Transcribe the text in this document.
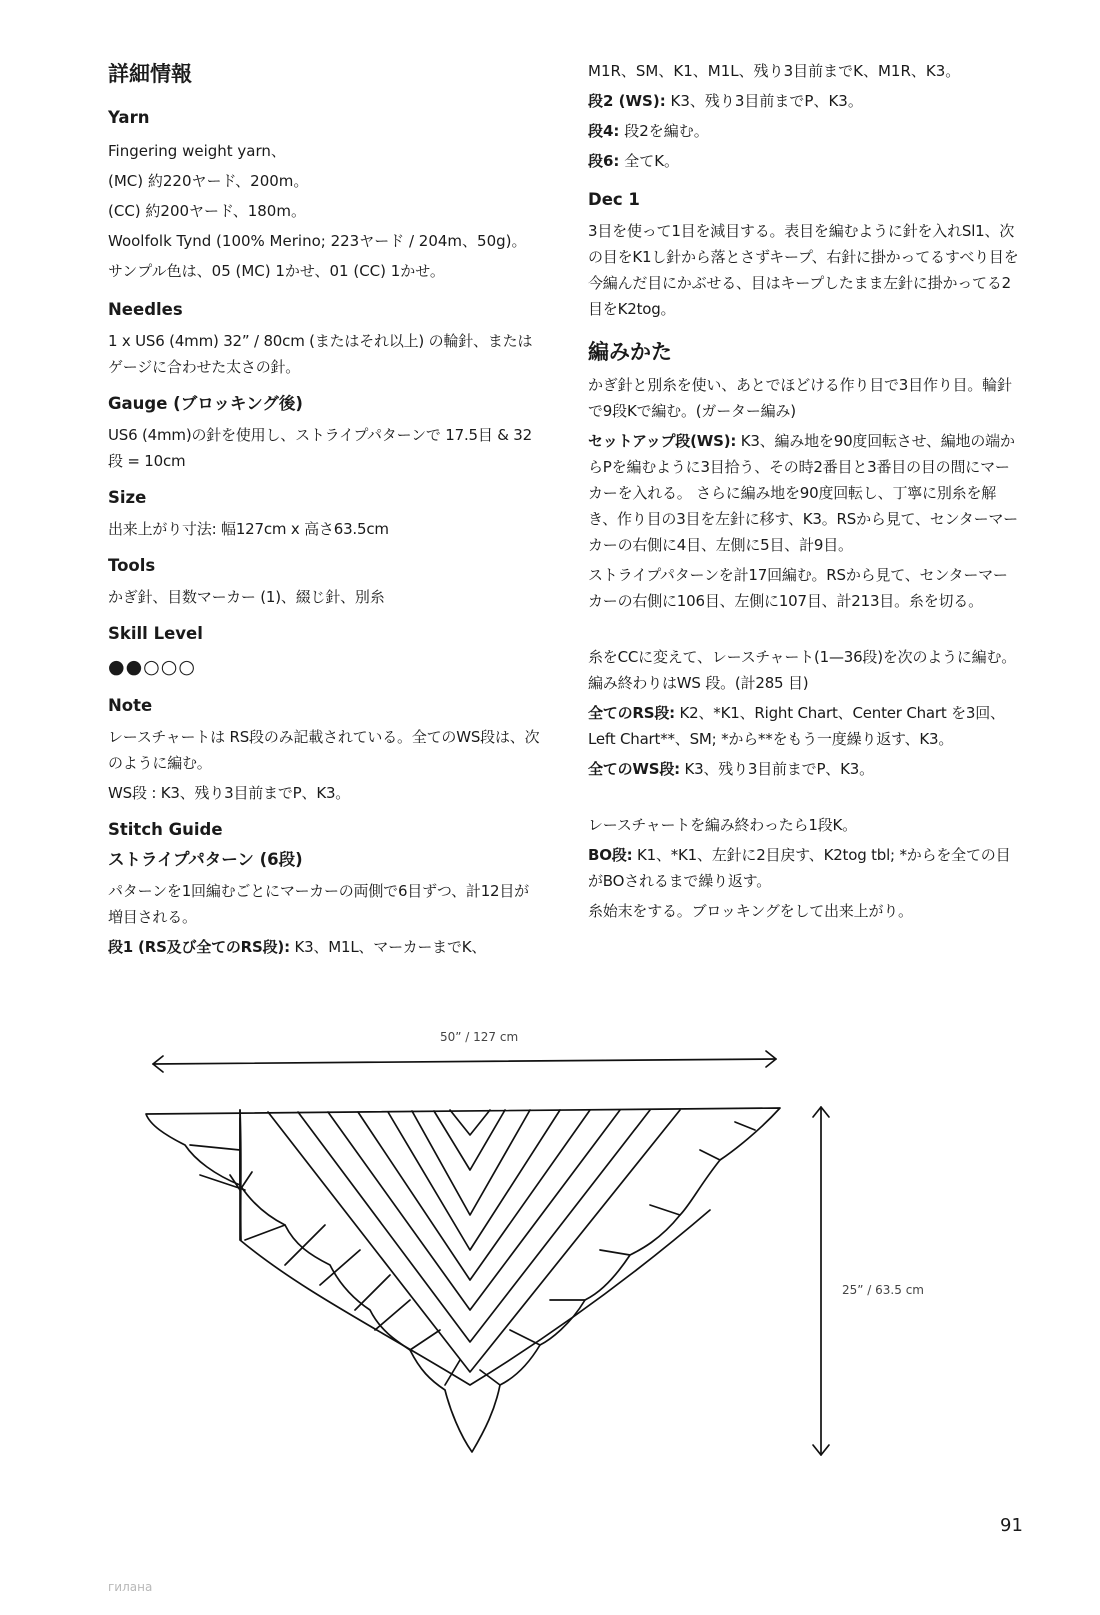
詳細情報
Yarn
Fingering weight yarn、
(MC) 約220ヤード、200m。
(CC) 約200ヤード、180m。
Woolfolk Tynd (100% Merino; 223ヤード / 204m、50g)。
サンプル色は、05 (MC) 1かせ、01 (CC) 1かせ。
Needles
1 x US6 (4mm) 32” / 80cm (またはそれ以上) の輪針、またはゲージに合わせた太さの針。
Gauge (ブロッキング後)
US6 (4mm)の針を使用し、ストライプパターンで 17.5目 & 32段 = 10cm
Size
出来上がり寸法: 幅127cm x 高さ63.5cm
Tools
かぎ針、目数マーカー (1)、綴じ針、別糸
Skill Level
●●○○○
Note
レースチャートは RS段のみ記載されている。全てのWS段は、次のように編む。
WS段 : K3、残り3目前までP、K3。
Stitch Guide
ストライプパターン (6段)
パターンを1回編むごとにマーカーの両側で6目ずつ、計12目が増目される。
段1 (RS及び全てのRS段): K3、M1L、マーカーまでK、
M1R、SM、K1、M1L、残り3目前までK、M1R、K3。
段2 (WS): K3、残り3目前までP、K3。
段4: 段2を編む。
段6: 全てK。
Dec 1
3目を使って1目を減目する。表目を編むように針を入れSl1、次の目をK1し針から落とさずキープ、右針に掛かってるすべり目を今編んだ目にかぶせる、目はキープしたまま左針に掛かってる2目をK2tog。
編みかた
かぎ針と別糸を使い、あとでほどける作り目で3目作り目。輪針で9段Kで編む。(ガーター編み)
セットアップ段(WS): K3、編み地を90度回転させ、編地の端からPを編むように3目拾う、その時2番目と3番目の目の間にマーカーを入れる。 さらに編み地を90度回転し、丁寧に別糸を解き、作り目の3目を左針に移す、K3。RSから見て、センターマーカーの右側に4目、左側に5目、計9目。
ストライプパターンを計17回編む。RSから見て、センターマーカーの右側に106目、左側に107目、計213目。糸を切る。
糸をCCに変えて、レースチャート(1—36段)を次のように編む。編み終わりはWS 段。(計285 目)
全てのRS段: K2、*K1、Right Chart、Center Chart を3回、Left Chart**、SM; *から**をもう一度繰り返す、K3。
全てのWS段: K3、残り3目前までP、K3。
レースチャートを編み終わったら1段K。
BO段: K1、*K1、左針に2目戻す、K2tog tbl; *からを全ての目がBOされるまで繰り返す。
糸始末をする。ブロッキングをして出来上がり。
50” / 127 cm
25” / 63.5 cm
91
гилана
